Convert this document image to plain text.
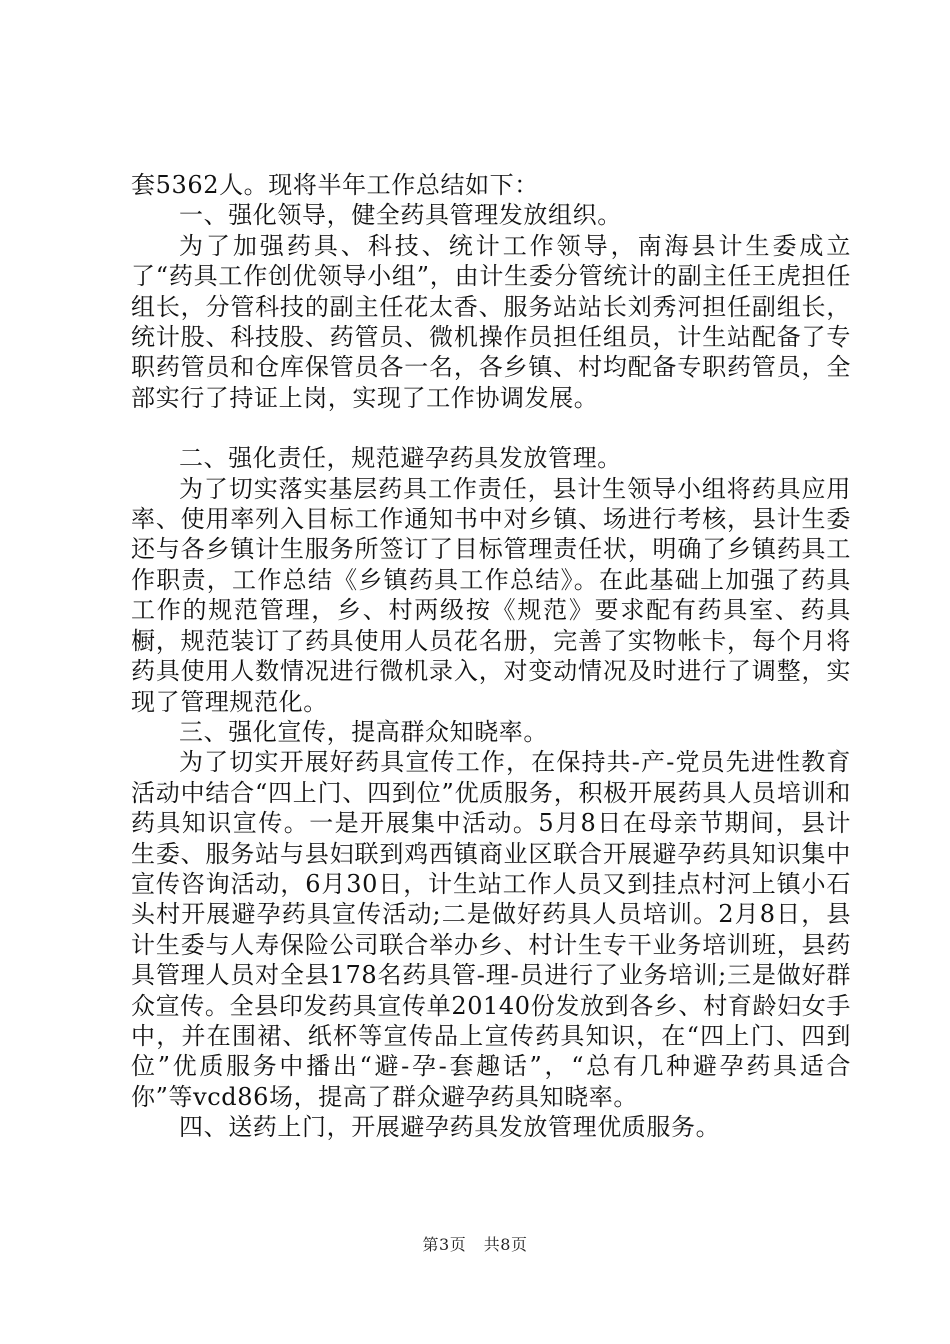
套5362人。现将半年工作总结如下：

一、强化领导，健全药具管理发放组织。

为了加强药具、科技、统计工作领导，南海县计生委成立了“药具工作创优领导小组”，由计生委分管统计的副主任王虎担任组长，分管科技的副主任花太香、服务站站长刘秀河担任副组长，统计股、科技股、药管员、微机操作员担任组员，计生站配备了专职药管员和仓库保管员各一名，各乡镇、村均配备专职药管员，全部实行了持证上岗，实现了工作协调发展。

二、强化责任，规范避孕药具发放管理。

为了切实落实基层药具工作责任，县计生领导小组将药具应用率、使用率列入目标工作通知书中对乡镇、场进行考核，县计生委还与各乡镇计生服务所签订了目标管理责任状，明确了乡镇药具工作职责，工作总结《乡镇药具工作总结》。在此基础上加强了药具工作的规范管理，乡、村两级按《规范》要求配有药具室、药具橱，规范装订了药具使用人员花名册，完善了实物帐卡，每个月将药具使用人数情况进行微机录入，对变动情况及时进行了调整，实现了管理规范化。

三、强化宣传，提高群众知晓率。

为了切实开展好药具宣传工作，在保持共-产-党员先进性教育活动中结合“四上门、四到位”优质服务，积极开展药具人员培训和药具知识宣传。一是开展集中活动。5月8日在母亲节期间，县计生委、服务站与县妇联到鸡西镇商业区联合开展避孕药具知识集中宣传咨询活动，6月30日，计生站工作人员又到挂点村河上镇小石头村开展避孕药具宣传活动;二是做好药具人员培训。2月8日，县计生委与人寿保险公司联合举办乡、村计生专干业务培训班，县药具管理人员对全县178名药具管-理-员进行了业务培训;三是做好群众宣传。全县印发药具宣传单20140份发放到各乡、村育龄妇女手中，并在围裙、纸杯等宣传品上宣传药具知识，在“四上门、四到位”优质服务中播出“避-孕-套趣话”，“总有几种避孕药具适合你”等vcd86场，提高了群众避孕药具知晓率。

四、送药上门，开展避孕药具发放管理优质服务。

第3页 共8页
